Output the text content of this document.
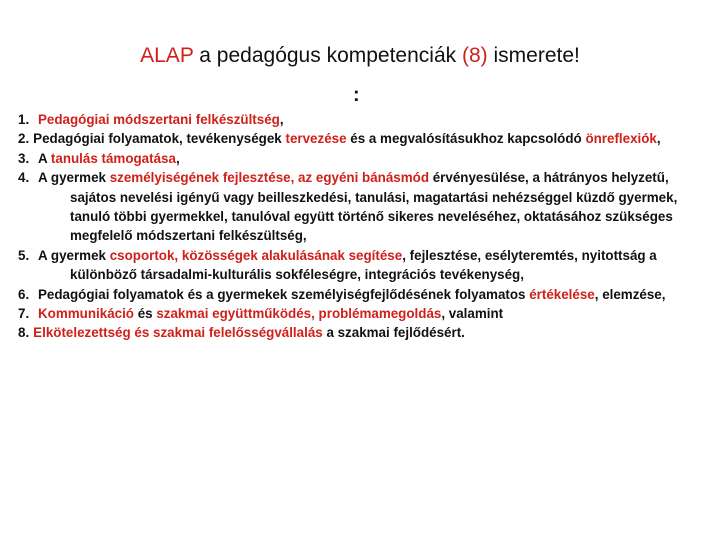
ALAP a pedagógus kompetenciák (8) ismerete!
:
1. Pedagógiai módszertani felkészültség,
2. Pedagógiai folyamatok, tevékenységek tervezése és a megvalósításukhoz kapcsolódó önreflexiók,
3. A tanulás támogatása,
4. A gyermek személyiségének fejlesztése, az egyéni bánásmód érvényesülése, a hátrányos helyzetű, sajátos nevelési igényű vagy beilleszkedési, tanulási, magatartási nehézséggel küzdő gyermek, tanuló többi gyermekkel, tanulóval együtt történő sikeres neveléséhez, oktatásához szükséges megfelelő módszertani felkészültség,
5. A gyermek csoportok, közösségek alakulásának segítése, fejlesztése, esélyteremtés, nyitottság a különböző társadalmi-kulturális sokféleségre, integrációs tevékenység,
6. Pedagógiai folyamatok és a gyermekek személyiségfejlődésének folyamatos értékelése, elemzése,
7. Kommunikáció és szakmai együttműködés, problémamegoldás, valamint
8. Elkötelezettség és szakmai felelősségvállalás a szakmai fejlődésért.
